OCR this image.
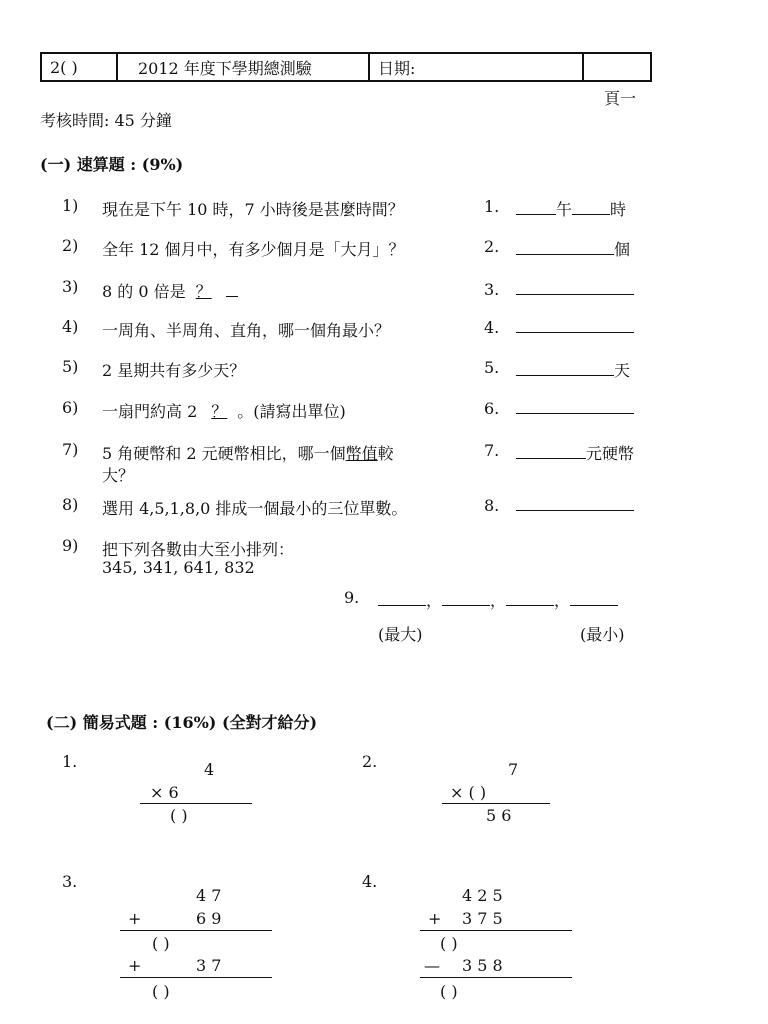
2( )	2012 年度下學期總測驗	日期:
頁一
考核時間: 45 分鐘
(一) 速算題 : (9%)
1) 現在是下午 10 時，7 小時後是甚麼時間？	1.	午 時
2) 全年 12 個月中，有多少個月是「大月」？	2.	個
3) 8 的 0 倍是 ？	3.
4) 一周角、半周角、直角，哪一個角最小？	4.
5) 2 星期共有多少天？	5.	天
6) 一扇門約高 2 ？ 。(請寫出單位)	6.
7) 5 角硬幣和 2 元硬幣相比，哪一個幣值較
大？
7.	元硬幣
8) 選用 4,5,1,8,0 排成一個最小的三位單數。	8.
9) 把下列各數由大至小排列：
345, 341, 641, 832
9.	，	，	，
(最大)	(最小)
(二) 簡易式題 : (16%) (全對才給分)
1.	4
× 6
( )
2.	7
× ( )
5 6
3.
4 7
+	6 9
( )
+	3 7
( )
4.
4 2 5
+ 3 7 5
( )
— 3 5 8
( )
